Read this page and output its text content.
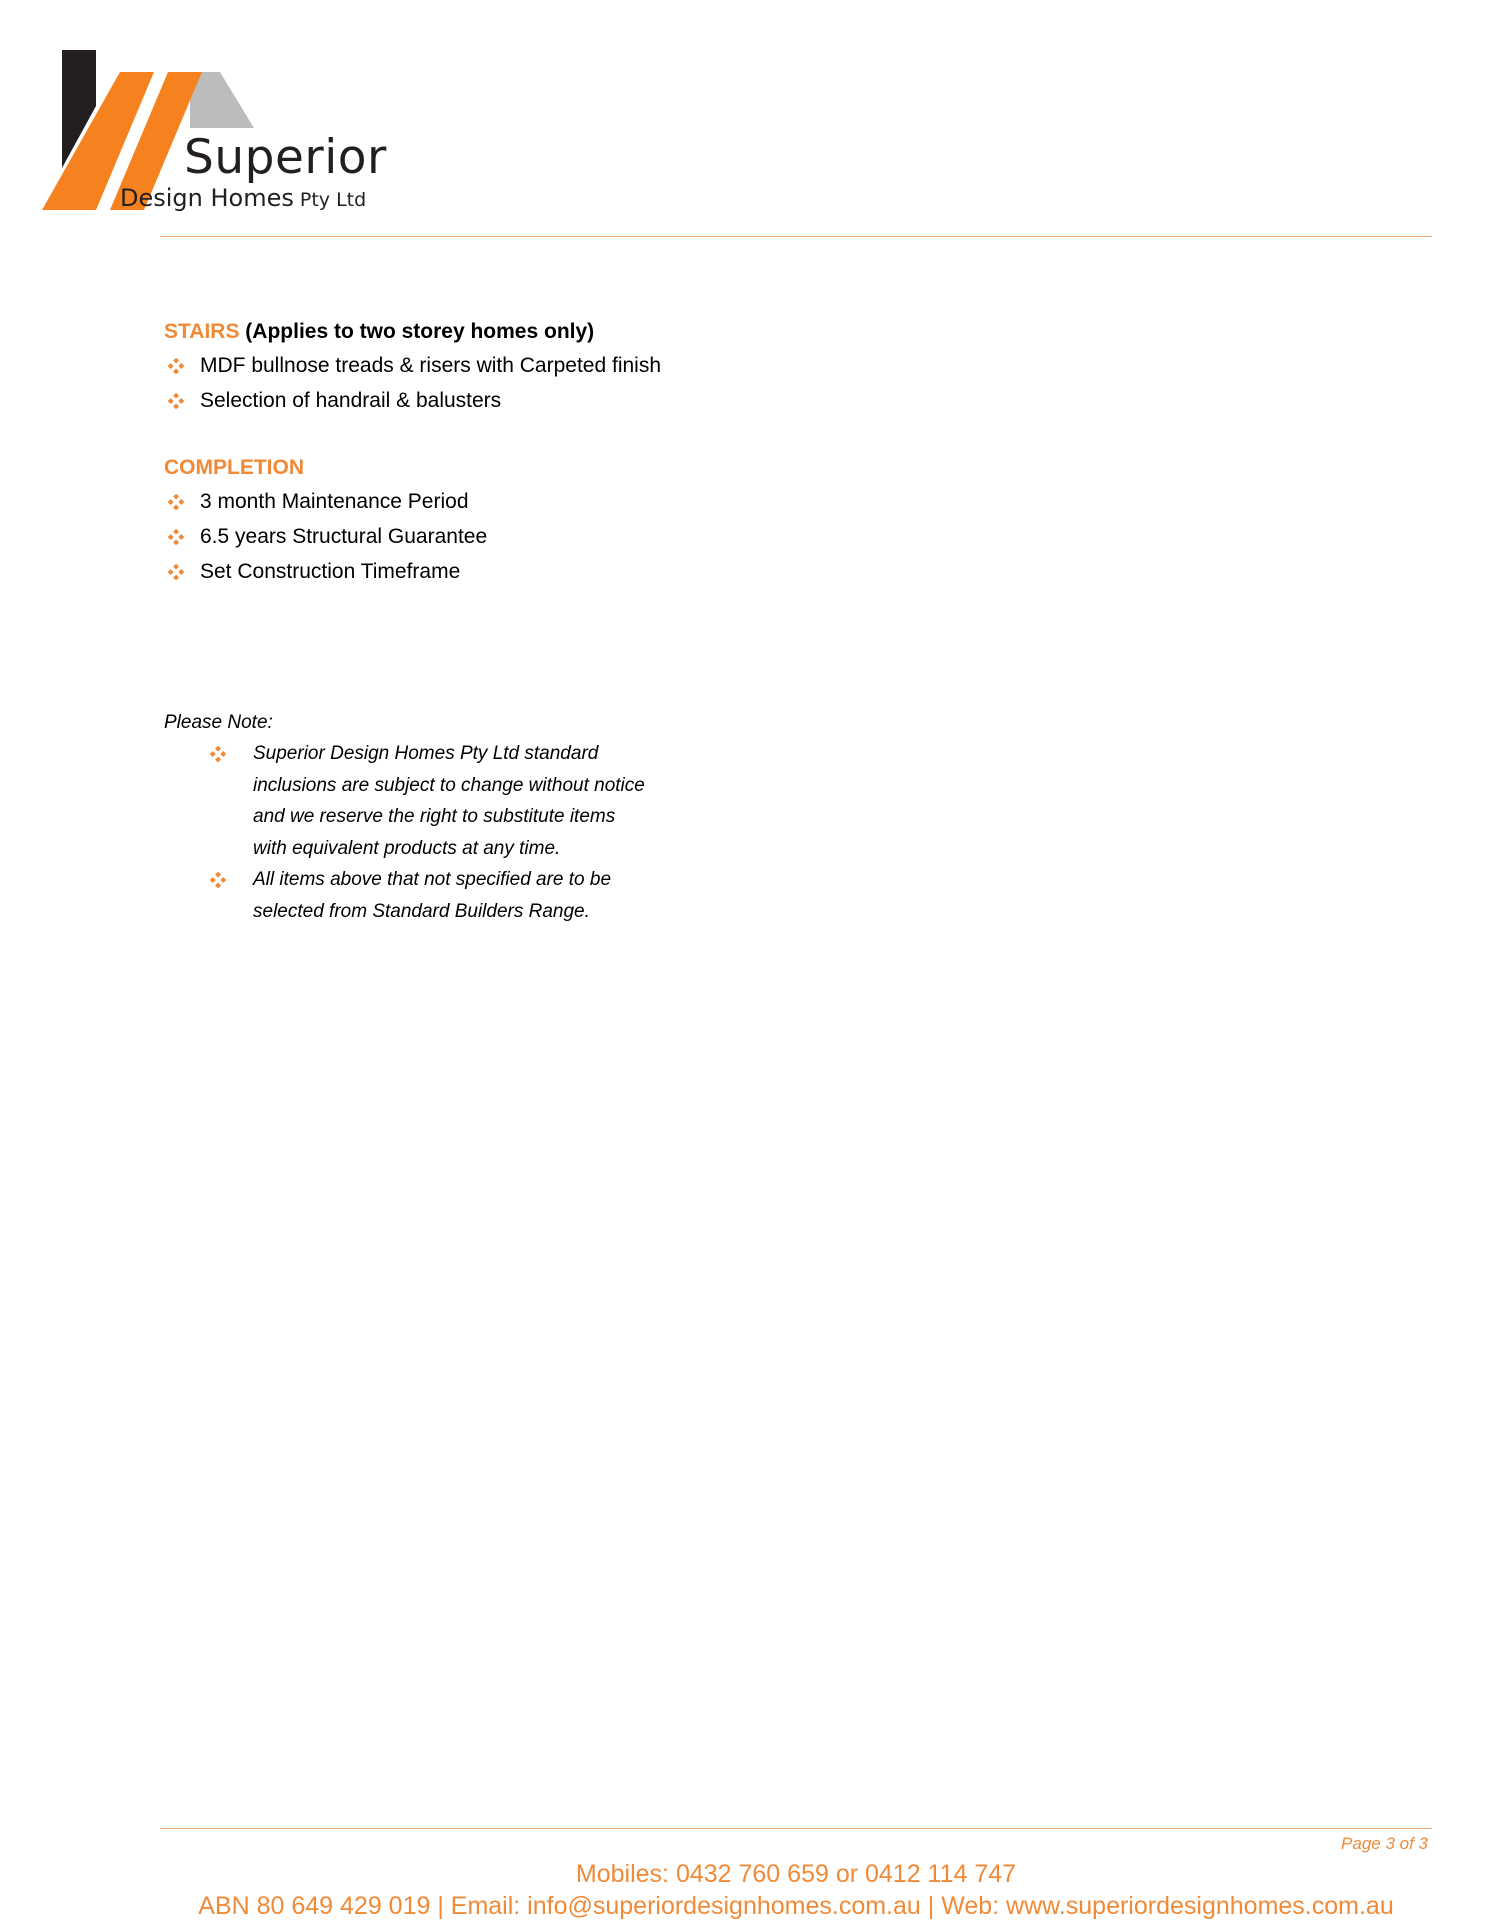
Superior
Design Homes Pty Ltd
STAIRS (Applies to two storey homes only)
MDF bullnose treads & risers with Carpeted finish
Selection of handrail & balusters
COMPLETION
3 month Maintenance Period
6.5 years Structural Guarantee
Set Construction Timeframe
Please Note:
Superior Design Homes Pty Ltd standard inclusions are subject to change without notice and we reserve the right to substitute items with equivalent products at any time.
All items above that not specified are to be selected from Standard Builders Range.
Page 3 of 3
Mobiles: 0432 760 659 or 0412 114 747
ABN 80 649 429 019 | Email: info@superiordesignhomes.com.au | Web: www.superiordesignhomes.com.au
